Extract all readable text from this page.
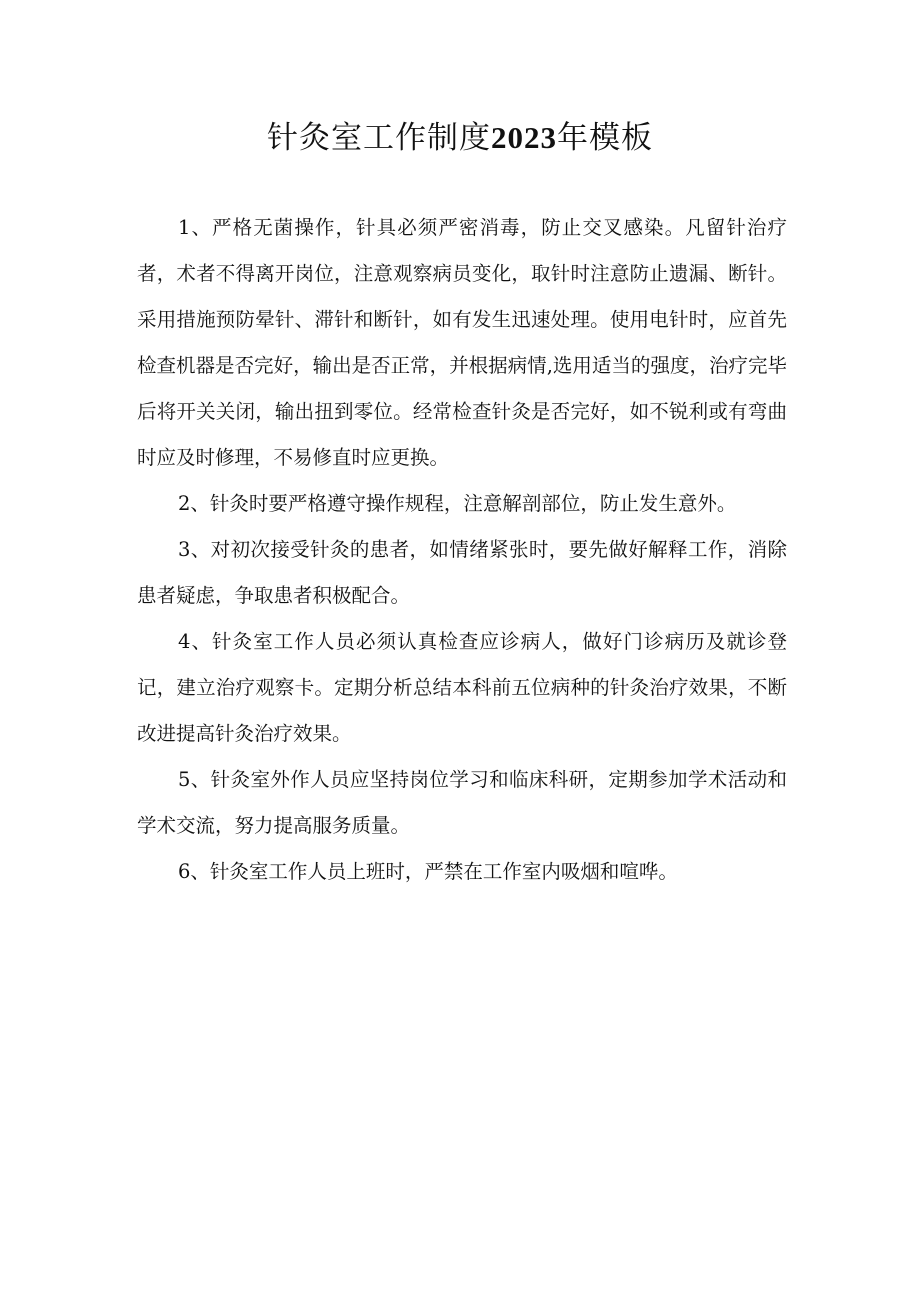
针灸室工作制度2023年模板

1、严格无菌操作，针具必须严密消毒，防止交叉感染。凡留针治疗者，术者不得离开岗位，注意观察病员变化，取针时注意防止遗漏、断针。采用措施预防晕针、滞针和断针，如有发生迅速处理。使用电针时，应首先检查机器是否完好，输出是否正常，并根据病情,选用适当的强度，治疗完毕后将开关关闭，输出扭到零位。经常检查针灸是否完好，如不锐利或有弯曲时应及时修理，不易修直时应更换。

2、针灸时要严格遵守操作规程，注意解剖部位，防止发生意外。

3、对初次接受针灸的患者，如情绪紧张时，要先做好解释工作，消除患者疑虑，争取患者积极配合。

4、针灸室工作人员必须认真检查应诊病人，做好门诊病历及就诊登记，建立治疗观察卡。定期分析总结本科前五位病种的针灸治疗效果，不断改进提高针灸治疗效果。

5、针灸室外作人员应坚持岗位学习和临床科研，定期参加学术活动和学术交流，努力提高服务质量。

6、针灸室工作人员上班时，严禁在工作室内吸烟和喧哗。
